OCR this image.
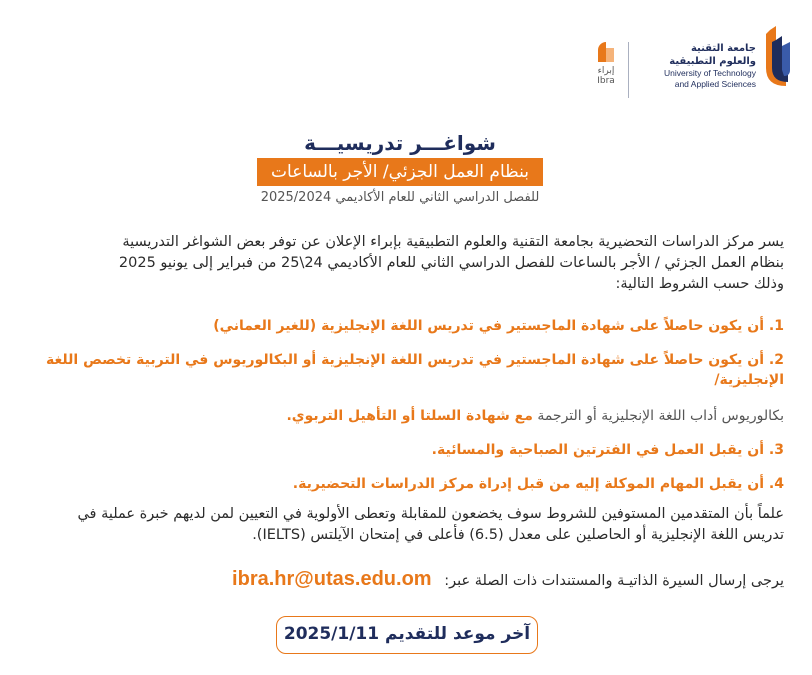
إبراء
Ibra
جامعة التقنية
والعلوم التطبيقية
University of Technology
and Applied Sciences
شواغـــر تدريسيـــة
بنظام العمل الجزئي/ الأجر بالساعات
للفصل الدراسي الثاني للعام الأكاديمي 2025/2024
يسر مركز الدراسات التحضيرية بجامعة التقنية والعلوم التطبيقية بإبراء الإعلان عن توفر بعض الشواغر التدريسية
بنظام العمل الجزئي / الأجر بالساعات للفصل الدراسي الثاني للعام الأكاديمي 24\25 من فبراير إلى يونيو 2025
وذلك حسب الشروط التالية:
1. أن يكون حاصلاً على شهادة الماجستير في تدريس اللغة الإنجليزية (للغير العماني)
2. أن يكون حاصلاً على شهادة الماجستير في تدريس اللغة الإنجليزية أو البكالوريوس في التربية تخصص اللغة الإنجليزية/
بكالوريوس أداب اللغة الإنجليزية أو الترجمة مع شهادة السلتا أو التأهيل التربوي.
3. أن يقبل العمل في الفترتين الصباحية والمسائية.
4. أن يقبل المهام الموكلة إليه من قبل إدراة مركز الدراسات التحضيرية.
علماً بأن المتقدمين المستوفين للشروط سوف يخضعون للمقابلة وتعطى الأولوية في التعيين لمن لديهم خبرة عملية في
تدريس اللغة الإنجليزية أو الحاصلين على معدل (6.5) فأعلى في إمتحان الآيلتس (IELTS).
يرجى إرسال السيرة الذاتيـة والمستندات ذات الصلة عبر: ibra.hr@utas.edu.om
آخر موعد للتقديم 2025/1/11
